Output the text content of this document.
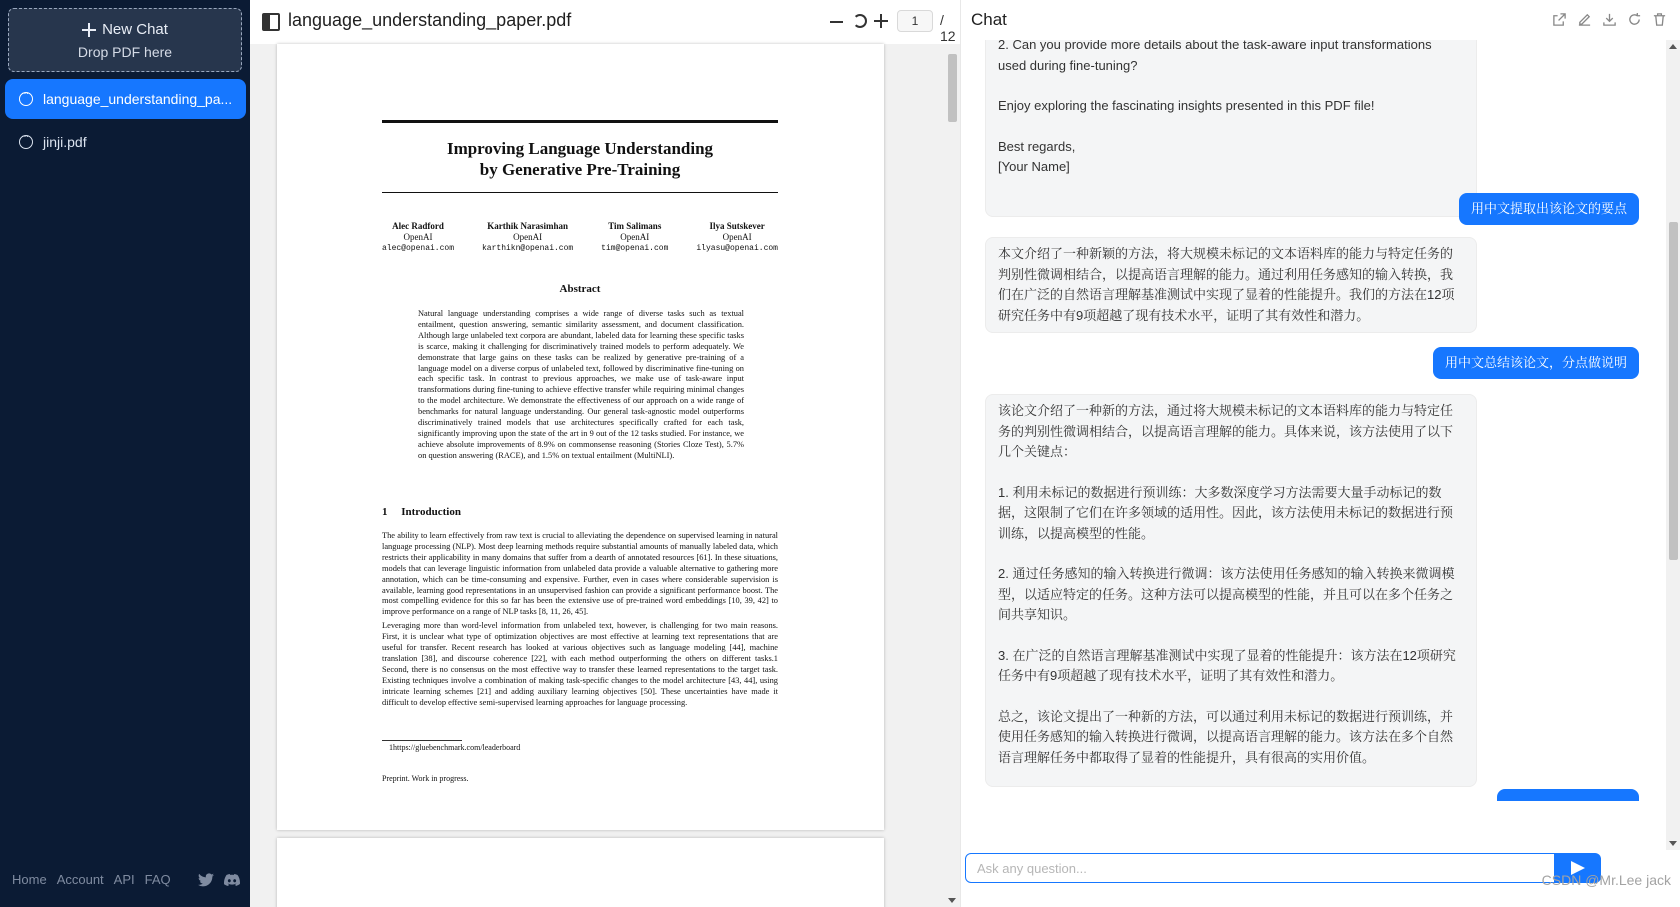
New Chat
Drop PDF here
···
language_understanding_pa...
···
jinji.pdf
Home Account API FAQ
language_understanding_paper.pdf
1	/ 12
Improving Language Understanding
by Generative Pre-Training
Alec Radford
OpenAI
alec@openai.com
Karthik Narasimhan
OpenAI
karthikn@openai.com
Tim Salimans
OpenAI
tim@openai.com
Ilya Sutskever
OpenAI
ilyasu@openai.com
Abstract
Natural language understanding comprises a wide range of diverse tasks such as textual entailment, question answering, semantic similarity assessment, and document classification. Although large unlabeled text corpora are abundant, labeled data for learning these specific tasks is scarce, making it challenging for discriminatively trained models to perform adequately. We demonstrate that large gains on these tasks can be realized by generative pre-training of a language model on a diverse corpus of unlabeled text, followed by discriminative fine-tuning on each specific task. In contrast to previous approaches, we make use of task-aware input transformations during fine-tuning to achieve effective transfer while requiring minimal changes to the model architecture. We demonstrate the effectiveness of our approach on a wide range of benchmarks for natural language understanding. Our general task-agnostic model outperforms discriminatively trained models that use architectures specifically crafted for each task, significantly improving upon the state of the art in 9 out of the 12 tasks studied. For instance, we achieve absolute improvements of 8.9% on commonsense reasoning (Stories Cloze Test), 5.7% on question answering (RACE), and 1.5% on textual entailment (MultiNLI).
1 Introduction

The ability to learn effectively from raw text is crucial to alleviating the dependence on supervised learning in natural language processing (NLP). Most deep learning methods require substantial amounts of manually labeled data, which restricts their applicability in many domains that suffer from a dearth of annotated resources [61]. In these situations, models that can leverage linguistic information from unlabeled data provide a valuable alternative to gathering more annotation, which can be time-consuming and expensive. Further, even in cases where considerable supervision is available, learning good representations in an unsupervised fashion can provide a significant performance boost. The most compelling evidence for this so far has been the extensive use of pre-trained word embeddings [10, 39, 42] to improve performance on a range of NLP tasks [8, 11, 26, 45].

Leveraging more than word-level information from unlabeled text, however, is challenging for two main reasons. First, it is unclear what type of optimization objectives are most effective at learning text representations that are useful for transfer. Recent research has looked at various objectives such as language modeling [44], machine translation [38], and discourse coherence [22], with each method outperforming the others on different tasks.1 Second, there is no consensus on the most effective way to transfer these learned representations to the target task. Existing techniques involve a combination of making task-specific changes to the model architecture [43, 44], using intricate learning schemes [21] and adding auxiliary learning objectives [50]. These uncertainties have made it difficult to develop effective semi-supervised learning approaches for language processing.

1https://gluebenchmark.com/leaderboard
Preprint. Work in progress.
Chat

2. Can you provide more details about the task-aware input transformations

used during fine-tuning?

Enjoy exploring the fascinating insights presented in this PDF file!

Best regards,

[Your Name]

用中文提取出该论文的要点

本文介绍了一种新颖的方法，将大规模未标记的文本语料库的能力与特定任务的判别性微调相结合，以提高语言理解的能力。通过利用任务感知的输入转换，我们在广泛的自然语言理解基准测试中实现了显着的性能提升。我们的方法在12项研究任务中有9项超越了现有技术水平，证明了其有效性和潜力。

用中文总结该论文，分点做说明

该论文介绍了一种新的方法，通过将大规模未标记的文本语料库的能力与特定任务的判别性微调相结合，以提高语言理解的能力。具体来说，该方法使用了以下几个关键点：

1. 利用未标记的数据进行预训练：大多数深度学习方法需要大量手动标记的数据，这限制了它们在许多领域的适用性。因此，该方法使用未标记的数据进行预训练，以提高模型的性能。

2. 通过任务感知的输入转换进行微调：该方法使用任务感知的输入转换来微调模型，以适应特定的任务。这种方法可以提高模型的性能，并且可以在多个任务之间共享知识。

3. 在广泛的自然语言理解基准测试中实现了显着的性能提升：该方法在12项研究任务中有9项超越了现有技术水平，证明了其有效性和潜力。

总之，该论文提出了一种新的方法，可以通过利用未标记的数据进行预训练，并使用任务感知的输入转换进行微调，以提高语言理解的能力。该方法在多个自然语言理解任务中都取得了显着的性能提升，具有很高的实用价值。

Ask any question...
CSDN @Mr.Lee jack
